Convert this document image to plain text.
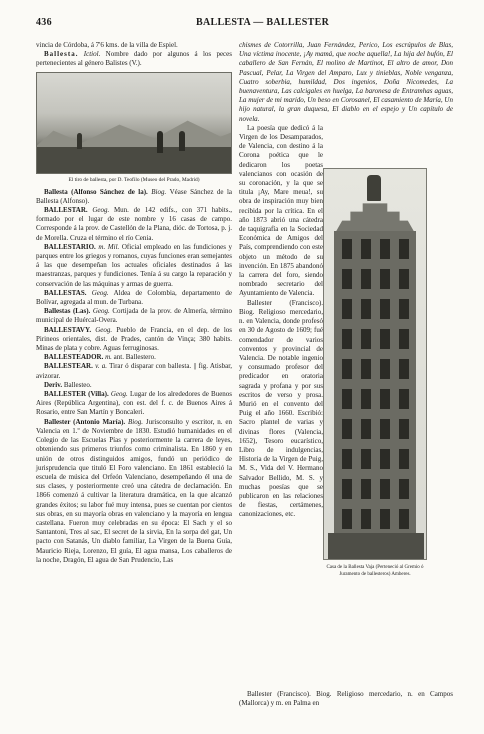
436	BALLESTA — BALLESTER

vincia de Córdoba, á 7'6 kms. de la villa de Espiel.

Ballesta. Ictiol. Nombre dado por algunos á los peces pertenecientes al género Balistes (V.).

El tiro de ballesta, por D. Teofilo (Museo del Prado, Madrid)

Ballesta (Alfonso Sánchez de la). Biog. Véase Sánchez de la Ballesta (Alfonso).

BALLESTAR. Geog. Mun. de 142 edifs., con 371 habits., formado por el lugar de este nombre y 16 casas de campo. Corresponde á la prov. de Castellón de la Plana, dióc. de Tortosa, p. j. de Morella. Cruza el término el río Cenia.

BALLESTARIO. m. Mil. Oficial empleado en las fundiciones y parques entre los griegos y romanos, cuyas funciones eran semejantes á las que desempeñan los actuales oficiales destinados á las maestranzas, parques y fundiciones. Tenía á su cargo la reparación y conservación de las máquinas y armas de guerra.

BALLESTAS. Geog. Aldea de Colombia, departamento de Bolívar, agregada al mun. de Turbana.

Ballestas (Las). Geog. Cortijada de la prov. de Almería, término municipal de Huércal-Overa.

BALLESTAVY. Geog. Pueblo de Francia, en el dep. de los Pirineos orientales, dist. de Prades, cantón de Vinça; 380 habits. Minas de plata y cobre. Aguas ferruginosas.

BALLESTEADOR. m. ant. Ballestero.

BALLESTEAR. v. a. Tirar ó disparar con ballesta. || fig. Atisbar, avizorar.

Deriv. Ballesteo.

BALLESTER (Villa). Geog. Lugar de los alrededores de Buenos Aires (República Argentina), con est. del f. c. de Buenos Aires á Rosario, entre San Martín y Boncaleri.

Ballester (Antonio María). Biog. Jurisconsulto y escritor, n. en Valencia en 1.º de Noviembre de 1830. Estudió humanidades en el Colegio de las Escuelas Pías y posteriormente la carrera de leyes, obteniendo sus primeros triunfos como criminalista. En 1860 y en unión de otros distinguidos amigos, fundó un periódico de jurisprudencia que tituló El Foro valenciano. En 1861 estableció la escuela de música del Orfeón Valenciano, desempeñando él una de sus clases, y posteriormente creó una cátedra de declamación. En 1866 comenzó á cultivar la literatura dramática, en la que alcanzó grandes éxitos; su labor fué muy intensa, pues se cuentan por cientos sus obras, en su mayoría obras en valenciano y la mayoría en lengua castellana. Fueron muy celebradas en su época: El Sach y el so Santantoni, Tres al sac, El secret de la sirvia, En la sorpa del gat, Un pacto con Satanás, Un diablo familiar, La Virgen de la Buena Guía, Mauricio Rieja, Lorenzo, El guía, El agua mansa, Los caballeros de la noche, Dragón, El agua de San Prudencio, Las

chismes de Cotorrilla, Juan Fernández, Perico, Los escrúpulos de Blas, Una víctima inocente, ¡Ay mamá, que noche aquella!, La hija del bufón, El caballero de San Fernán, El molino de Martinot, El altro de amor, Don Pascual, Pelar, La Virgen del Amparo, Lux y tinieblas, Noble venganza, Cuatro soberbia, humildad, Dos ingenios, Doña Nicomedes, La buenaventura, Las calcigales en huelga, La baronesa de Entramhas aguas, La mujer de mi marido, Un beso en Corosanel, El casamiento de María, Un hijo natural, la gran duquesa, El diablo en el espejo y Un capítulo de novela.

La poesía que dedicó á la Virgen de los Desamparados, de Valencia, con destino á la Corona poética que le dedicaron los poetas valencianos con ocasión de su coronación, y la que se titula ¡Ay, Mare meua!, su obra de inspiración muy bien recibida por la crítica. En el año 1873 abrió una cátedra de taquigrafía en la Sociedad Económica de Amigos del País, comprendiendo con este objeto un método de su invención. En 1875 abandonó la carrera del foro, siendo nombrado secretario del Ayuntamiento de Valencia.

Ballester (Francisco). Biog. Religioso mercedario, n. en Valencia, donde profesó en 30 de Agosto de 1609; fué comendador de varios conventos y provincial de Valencia. De notable ingenio y consumado profesor del predicador en oratoria sagrada y profana y por sus escritos de verso y prosa. Murió en el convento del Puig el año 1660. Escribió: Sacro plantel de varias y divinas flores (Valencia, 1652), Tesoro eucarístico, Libro de indulgencias, Historia de la Virgen de Puig, M. S., Vida del V. Hermano Salvador Bellido, M. S. y muchas poesías que se publicaron en las relaciones de fiestas, certámenes, canonizaciones, etc.

Casa de la Ballesta Vaja (Perteneció al Gremio ó Juramento de ballesteros) Amberes.

Ballester (Francisco). Biog. Religioso mercedario, n. en Campos (Mallorca) y m. en Palma en
